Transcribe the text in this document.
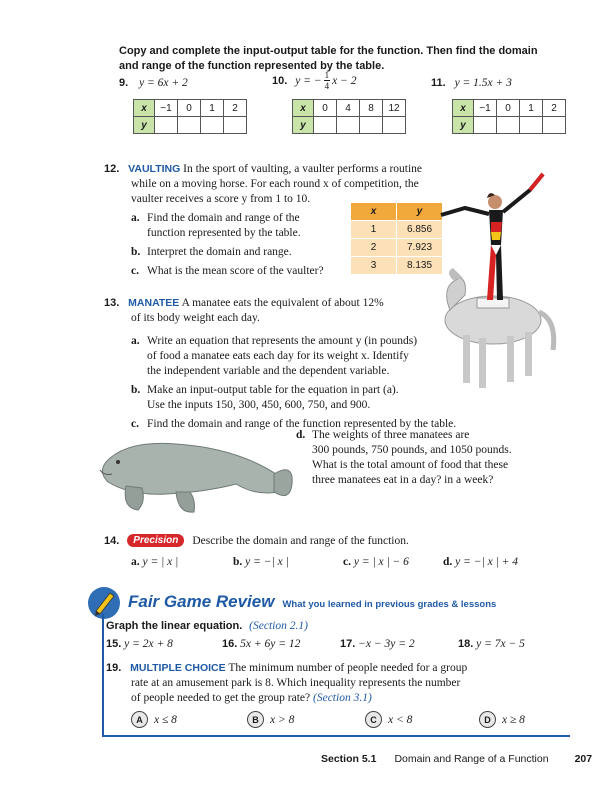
Copy and complete the input-output table for the function. Then find the domain and range of the function represented by the table.
9. y = 6x + 2
x	−1	0	1	2
y				
10. y = − $\frac{1}{4}$ x − 2
x	0	4	8	12
y				
11. y = 1.5x + 3
x	−1	0	1	2
y				
12. VAULTING In the sport of vaulting, a vaulter performs a routine
while on a moving horse. For each round x of competition, the
vaulter receives a score y from 1 to 10.
a. Find the domain and range of the
function represented by the table.
b. Interpret the domain and range.
c. What is the mean score of the vaulter?
x	y
1	6.856
2	7.923
3	8.135
13. MANATEE A manatee eats the equivalent of about 12%
of its body weight each day.
a. Write an equation that represents the amount y (in pounds)
of food a manatee eats each day for its weight x. Identify
the independent variable and the dependent variable.
b. Make an input-output table for the equation in part (a).
Use the inputs 150, 300, 450, 600, 750, and 900.
c. Find the domain and range of the function represented by the table.
d. The weights of three manatees are
300 pounds, 750 pounds, and 1050 pounds.
What is the total amount of food that these
three manatees eat in a day? in a week?
14.	Precision	Describe the domain and range of the function.
a. y = | x |	b. y = −| x |	c. y = | x | − 6	d. y = −| x | + 4
Fair Game Review What you learned in previous grades & lessons
Graph the linear equation. (Section 2.1)
15. y = 2x + 8	16. 5x + 6y = 12	17. −x − 3y = 2	18. y = 7x − 5
19. MULTIPLE CHOICE The minimum number of people needed for a group
rate at an amusement park is 8. Which inequality represents the number
of people needed to get the group rate? (Section 3.1)
A x ≤ 8	B x > 8	C x < 8	D x ≥ 8
Section 5.1 Domain and Range of a Function 207
